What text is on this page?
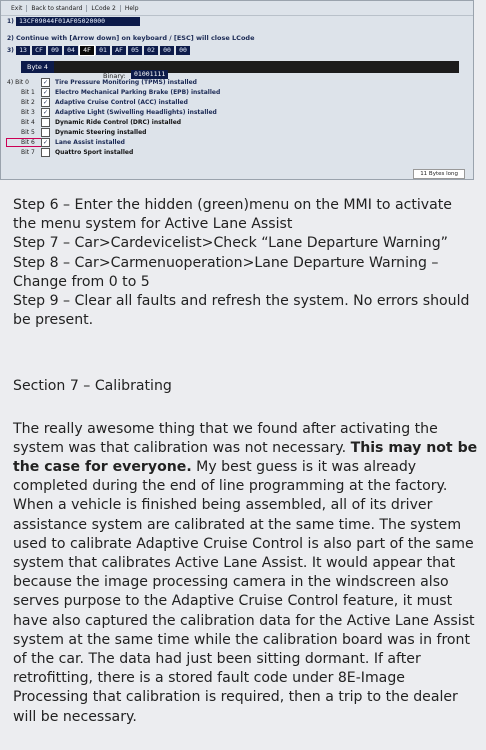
Exit	Back to standard	LCode 2	Help
1) 13CF09044F01AF05020000
2) Continue with [Arrow down] on keyboard / [ESC] will close LCode
3) 13	CF	09	04	4F	01	AF	05	02	00	00
Byte 4
Binary:	01001111
4) Bit 0	✓	Tire Pressure Monitoring (TPMS) installed
Bit 1	✓	Electro Mechanical Parking Brake (EPB) installed
Bit 2	✓	Adaptive Cruise Control (ACC) installed
Bit 3	✓	Adaptive Light (Swivelling Headlights) installed
Bit 4	Dynamic Ride Control (DRC) installed
Bit 5	Dynamic Steering installed
Bit 6	✓	Lane Assist installed
Bit 7	Quattro Sport installed
11 Bytes long

Step 6 – Enter the hidden (green)menu on the MMI to activate the menu system for Active Lane Assist

Step 7 – Car>Cardevicelist>Check “Lane Departure Warning”

Step 8 – Car>Carmenuoperation>Lane Departure Warning – Change from 0 to 5

Step 9 – Clear all faults and refresh the system. No errors should be present.

Section 7 – Calibrating

The really awesome thing that we found after activating the system was that calibration was not necessary. This may not be the case for everyone. My best guess is it was already completed during the end of line programming at the factory. When a vehicle is finished being assembled, all of its driver assistance system are calibrated at the same time. The system used to calibrate Adaptive Cruise Control is also part of the same system that calibrates Active Lane Assist. It would appear that because the image processing camera in the windscreen also serves purpose to the Adaptive Cruise Control feature, it must have also captured the calibration data for the Active Lane Assist system at the same time while the calibration board was in front of the car. The data had just been sitting dormant. If after retrofitting, there is a stored fault code under 8E-Image Processing that calibration is required, then a trip to the dealer will be necessary.
